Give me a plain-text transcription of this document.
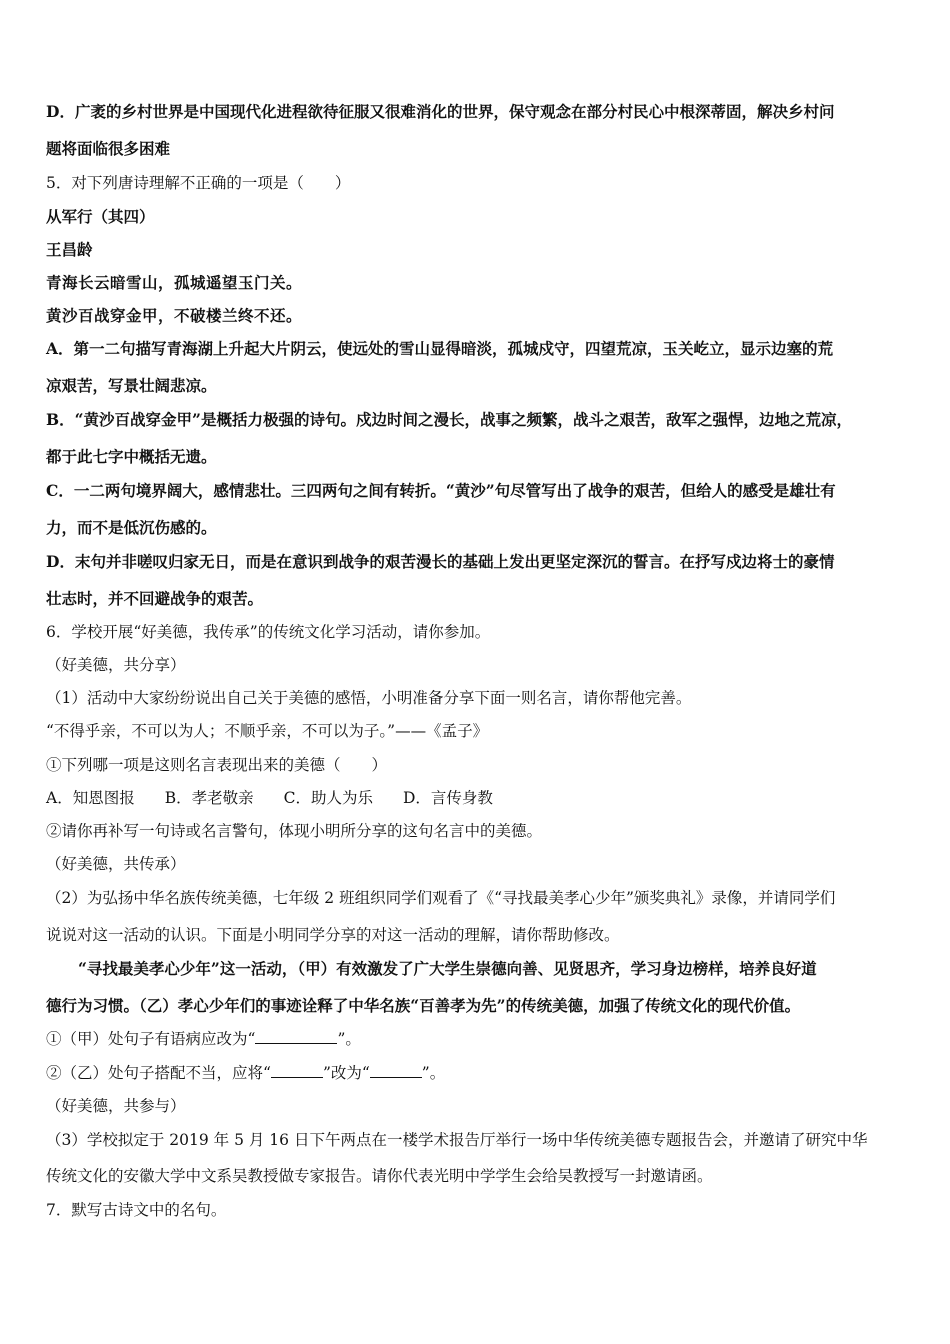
D．广袤的乡村世界是中国现代化进程欲待征服又很难消化的世界，保守观念在部分村民心中根深蒂固，解决乡村问
题将面临很多困难
5．对下列唐诗理解不正确的一项是（　　）
从军行（其四）
王昌龄
青海长云暗雪山，孤城遥望玉门关。
黄沙百战穿金甲，不破楼兰终不还。
A．第一二句描写青海湖上升起大片阴云，使远处的雪山显得暗淡，孤城戍守，四望荒凉，玉关屹立，显示边塞的荒
凉艰苦，写景壮阔悲凉。
B．“黄沙百战穿金甲”是概括力极强的诗句。戍边时间之漫长，战事之频繁，战斗之艰苦，敌军之强悍，边地之荒凉，
都于此七字中概括无遗。
C．一二两句境界阔大，感情悲壮。三四两句之间有转折。“黄沙”句尽管写出了战争的艰苦，但给人的感受是雄壮有
力，而不是低沉伤感的。
D．末句并非嗟叹归家无日，而是在意识到战争的艰苦漫长的基础上发出更坚定深沉的誓言。在抒写戍边将士的豪情
壮志时，并不回避战争的艰苦。
6．学校开展“好美德，我传承”的传统文化学习活动，请你参加。
（好美德，共分享）
（1）活动中大家纷纷说出自己关于美德的感悟，小明准备分享下面一则名言，请你帮他完善。
“不得乎亲，不可以为人；不顺乎亲，不可以为子。”——《孟子》
①下列哪一项是这则名言表现出来的美德（　　）
A．知恩图报 B．孝老敬亲 C．助人为乐 D．言传身教
②请你再补写一句诗或名言警句，体现小明所分享的这句名言中的美德。
（好美德，共传承）
（2）为弘扬中华名族传统美德，七年级 2 班组织同学们观看了《“寻找最美孝心少年”颁奖典礼》录像，并请同学们
说说对这一活动的认识。下面是小明同学分享的对这一活动的理解，请你帮助修改。
“寻找最美孝心少年”这一活动，（甲）有效激发了广大学生崇德向善、见贤思齐，学习身边榜样，培养良好道
德行为习惯。（乙）孝心少年们的事迹诠释了中华名族“百善孝为先”的传统美德，加强了传统文化的现代价值。
①（甲）处句子有语病应改为“	”。
②（乙）处句子搭配不当，应将“	”改为“	”。
（好美德，共参与）
（3）学校拟定于 2019 年 5 月 16 日下午两点在一楼学术报告厅举行一场中华传统美德专题报告会，并邀请了研究中华
传统文化的安徽大学中文系吴教授做专家报告。请你代表光明中学学生会给吴教授写一封邀请函。
7．默写古诗文中的名句。
